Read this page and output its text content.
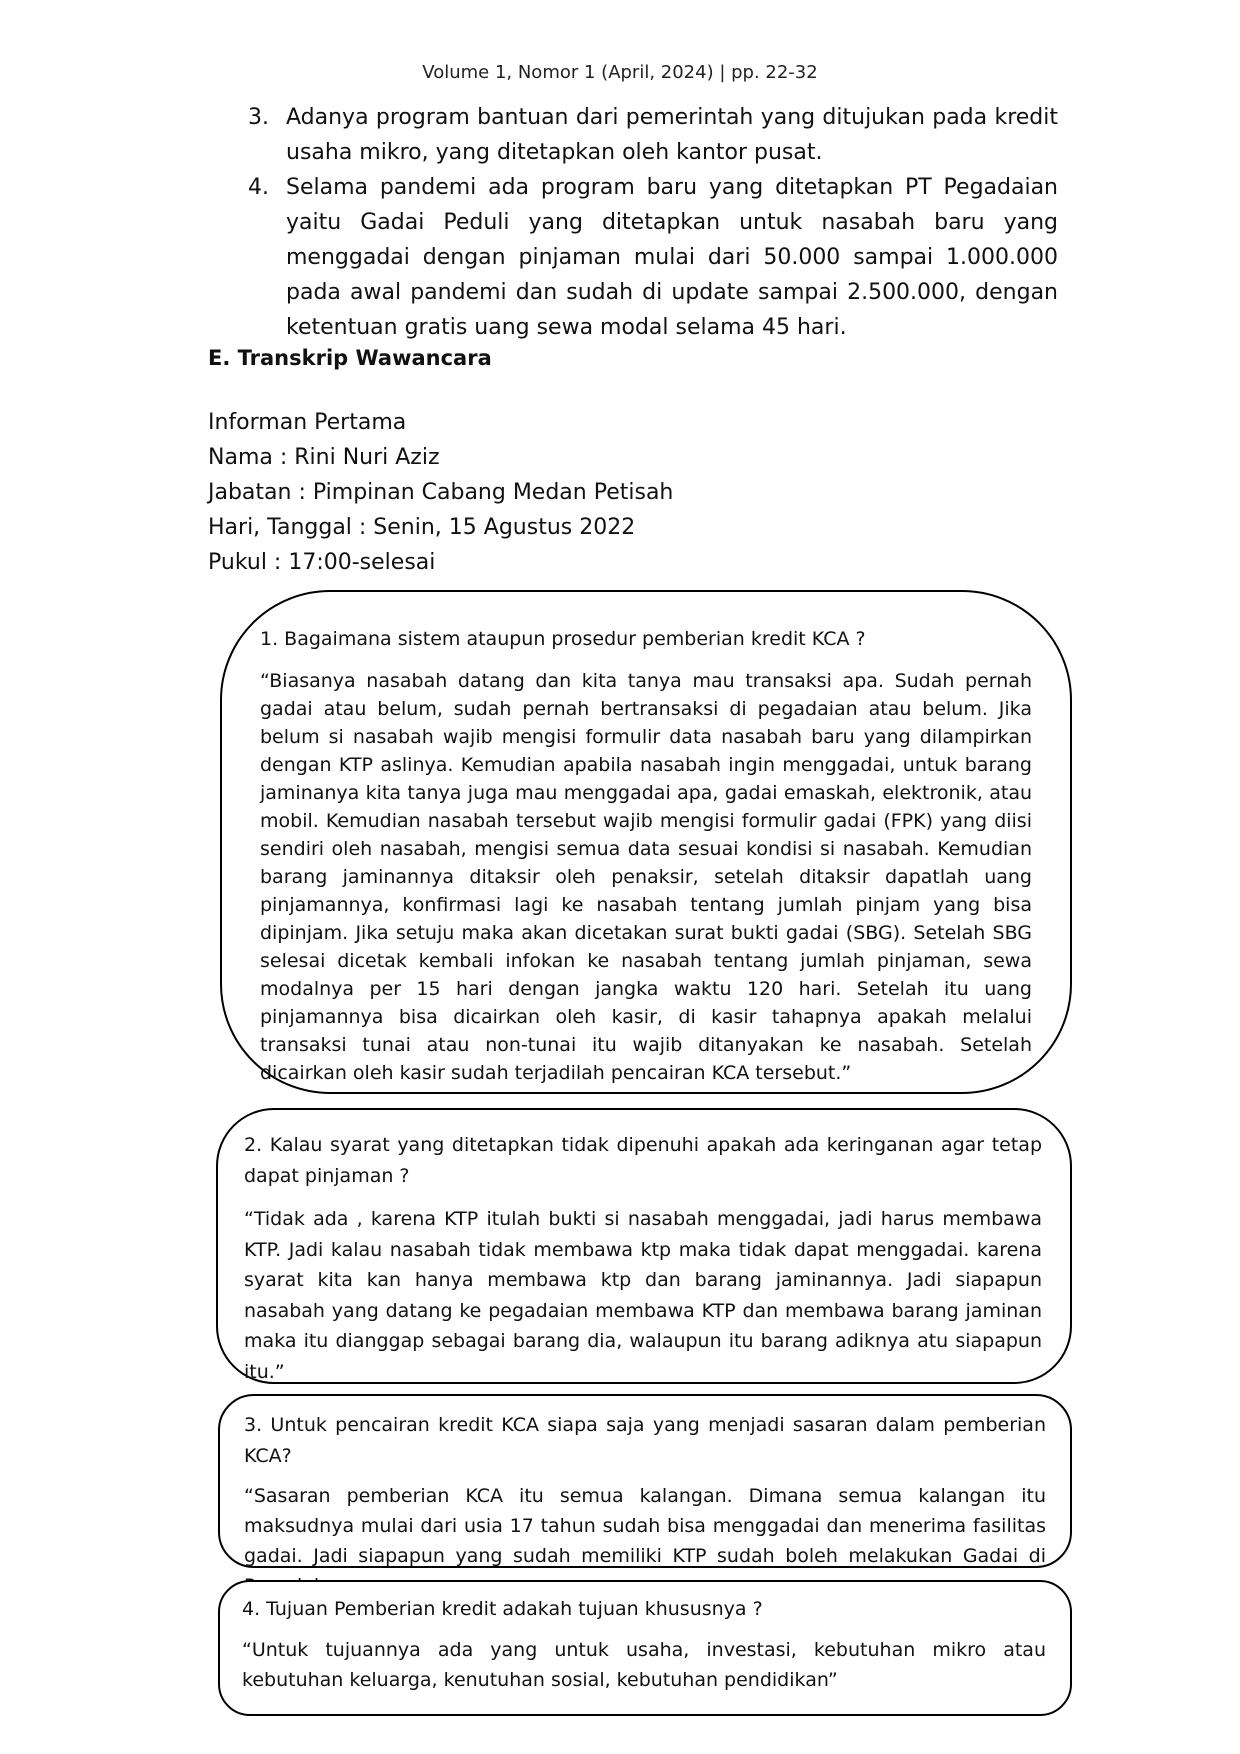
Volume 1, Nomor 1 (April, 2024) | pp. 22-32
3. Adanya program bantuan dari pemerintah yang ditujukan pada kredit usaha mikro, yang ditetapkan oleh kantor pusat.
4. Selama pandemi ada program baru yang ditetapkan PT Pegadaian yaitu Gadai Peduli yang ditetapkan untuk nasabah baru yang menggadai dengan pinjaman mulai dari 50.000 sampai 1.000.000 pada awal pandemi dan sudah di update sampai 2.500.000, dengan ketentuan gratis uang sewa modal selama 45 hari.
E. Transkrip Wawancara
Informan Pertama
Nama : Rini Nuri Aziz
Jabatan : Pimpinan Cabang Medan Petisah
Hari, Tanggal : Senin, 15 Agustus 2022
Pukul : 17:00-selesai

1. Bagaimana sistem ataupun prosedur pemberian kredit KCA ?

“Biasanya nasabah datang dan kita tanya mau transaksi apa. Sudah pernah gadai atau belum, sudah pernah bertransaksi di pegadaian atau belum. Jika belum si nasabah wajib mengisi formulir data nasabah baru yang dilampirkan dengan KTP aslinya. Kemudian apabila nasabah ingin menggadai, untuk barang jaminanya kita tanya juga mau menggadai apa, gadai emaskah, elektronik, atau mobil. Kemudian nasabah tersebut wajib mengisi formulir gadai (FPK) yang diisi sendiri oleh nasabah, mengisi semua data sesuai kondisi si nasabah. Kemudian barang jaminannya ditaksir oleh penaksir, setelah ditaksir dapatlah uang pinjamannya, konfirmasi lagi ke nasabah tentang jumlah pinjam yang bisa dipinjam. Jika setuju maka akan dicetakan surat bukti gadai (SBG). Setelah SBG selesai dicetak kembali infokan ke nasabah tentang jumlah pinjaman, sewa modalnya per 15 hari dengan jangka waktu 120 hari. Setelah itu uang pinjamannya bisa dicairkan oleh kasir, di kasir tahapnya apakah melalui transaksi tunai atau non-tunai itu wajib ditanyakan ke nasabah. Setelah dicairkan oleh kasir sudah terjadilah pencairan KCA tersebut.”

2. Kalau syarat yang ditetapkan tidak dipenuhi apakah ada keringanan agar tetap dapat pinjaman ?

“Tidak ada , karena KTP itulah bukti si nasabah menggadai, jadi harus membawa KTP. Jadi kalau nasabah tidak membawa ktp maka tidak dapat menggadai. karena syarat kita kan hanya membawa ktp dan barang jaminannya. Jadi siapapun nasabah yang datang ke pegadaian membawa KTP dan membawa barang jaminan maka itu dianggap sebagai barang dia, walaupun itu barang adiknya atu siapapun itu.”

3. Untuk pencairan kredit KCA siapa saja yang menjadi sasaran dalam pemberian KCA?

“Sasaran pemberian KCA itu semua kalangan. Dimana semua kalangan itu maksudnya mulai dari usia 17 tahun sudah bisa menggadai dan menerima fasilitas gadai. Jadi siapapun yang sudah memiliki KTP sudah boleh melakukan Gadai di

4. Tujuan Pemberian kredit adakah tujuan khususnya ?

“Untuk tujuannya ada yang untuk usaha, investasi, kebutuhan mikro atau kebutuhan keluarga, kenutuhan sosial, kebutuhan pendidikan”
